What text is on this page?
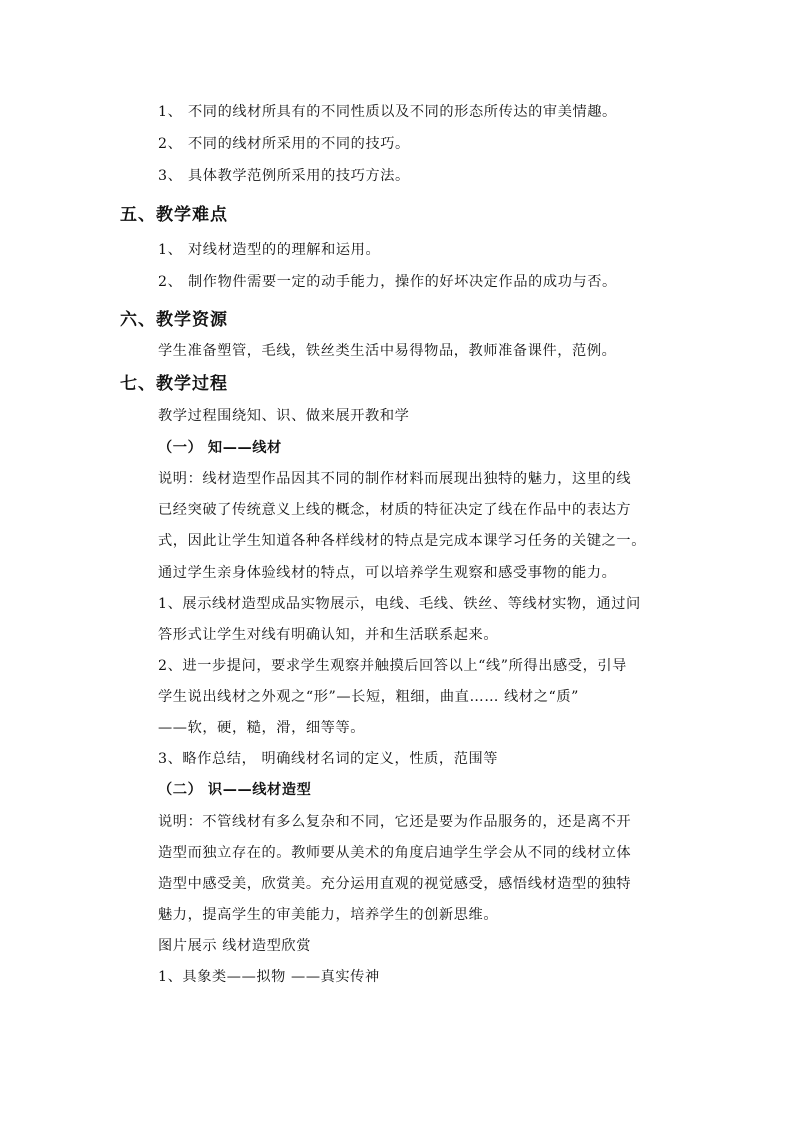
1、 不同的线材所具有的不同性质以及不同的形态所传达的审美情趣。
2、 不同的线材所采用的不同的技巧。
3、 具体教学范例所采用的技巧方法。
五、教学难点
1、 对线材造型的的理解和运用。
2、 制作物件需要一定的动手能力，操作的好坏决定作品的成功与否。
六、教学资源
学生准备塑管，毛线，铁丝类生活中易得物品，教师准备课件，范例。
七、教学过程
教学过程围绕知、识、做来展开教和学
（一） 知——线材
说明：线材造型作品因其不同的制作材料而展现出独特的魅力，这里的线
已经突破了传统意义上线的概念，材质的特征决定了线在作品中的表达方
式，因此让学生知道各种各样线材的特点是完成本课学习任务的关键之一。
通过学生亲身体验线材的特点，可以培养学生观察和感受事物的能力。
1、展示线材造型成品实物展示，电线、毛线、铁丝、等线材实物，通过问
答形式让学生对线有明确认知，并和生活联系起来。
2、进一步提问，要求学生观察并触摸后回答以上“线”所得出感受，引导
学生说出线材之外观之“形”—长短，粗细，曲直…… 线材之“质”
——软，硬，糙，滑，细等等。
3、略作总结， 明确线材名词的定义，性质，范围等
（二） 识——线材造型
说明：不管线材有多么复杂和不同，它还是要为作品服务的，还是离不开
造型而独立存在的。教师要从美术的角度启迪学生学会从不同的线材立体
造型中感受美，欣赏美。充分运用直观的视觉感受，感悟线材造型的独特
魅力，提高学生的审美能力，培养学生的创新思维。
图片展示 线材造型欣赏
1、具象类——拟物 ——真实传神
